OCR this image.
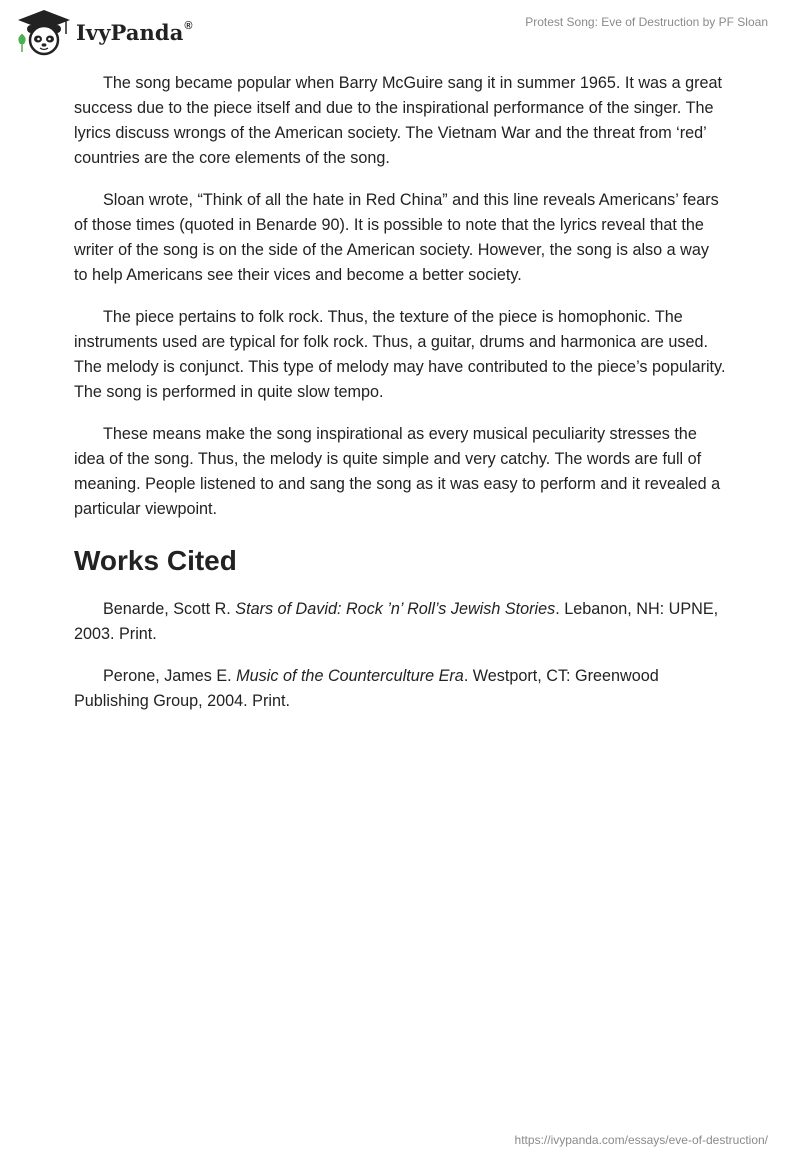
IvyPanda®	Protest Song: Eve of Destruction by PF Sloan

The song became popular when Barry McGuire sang it in summer 1965. It was a great success due to the piece itself and due to the inspirational performance of the singer. The lyrics discuss wrongs of the American society. The Vietnam War and the threat from ‘red’ countries are the core elements of the song.

Sloan wrote, “Think of all the hate in Red China” and this line reveals Americans’ fears of those times (quoted in Benarde 90). It is possible to note that the lyrics reveal that the writer of the song is on the side of the American society. However, the song is also a way to help Americans see their vices and become a better society.

The piece pertains to folk rock. Thus, the texture of the piece is homophonic. The instruments used are typical for folk rock. Thus, a guitar, drums and harmonica are used. The melody is conjunct. This type of melody may have contributed to the piece’s popularity. The song is performed in quite slow tempo.

These means make the song inspirational as every musical peculiarity stresses the idea of the song. Thus, the melody is quite simple and very catchy. The words are full of meaning. People listened to and sang the song as it was easy to perform and it revealed a particular viewpoint.

Works Cited

Benarde, Scott R. Stars of David: Rock ’n’ Roll’s Jewish Stories. Lebanon, NH: UPNE, 2003. Print.

Perone, James E. Music of the Counterculture Era. Westport, CT: Greenwood Publishing Group, 2004. Print.

https://ivypanda.com/essays/eve-of-destruction/
